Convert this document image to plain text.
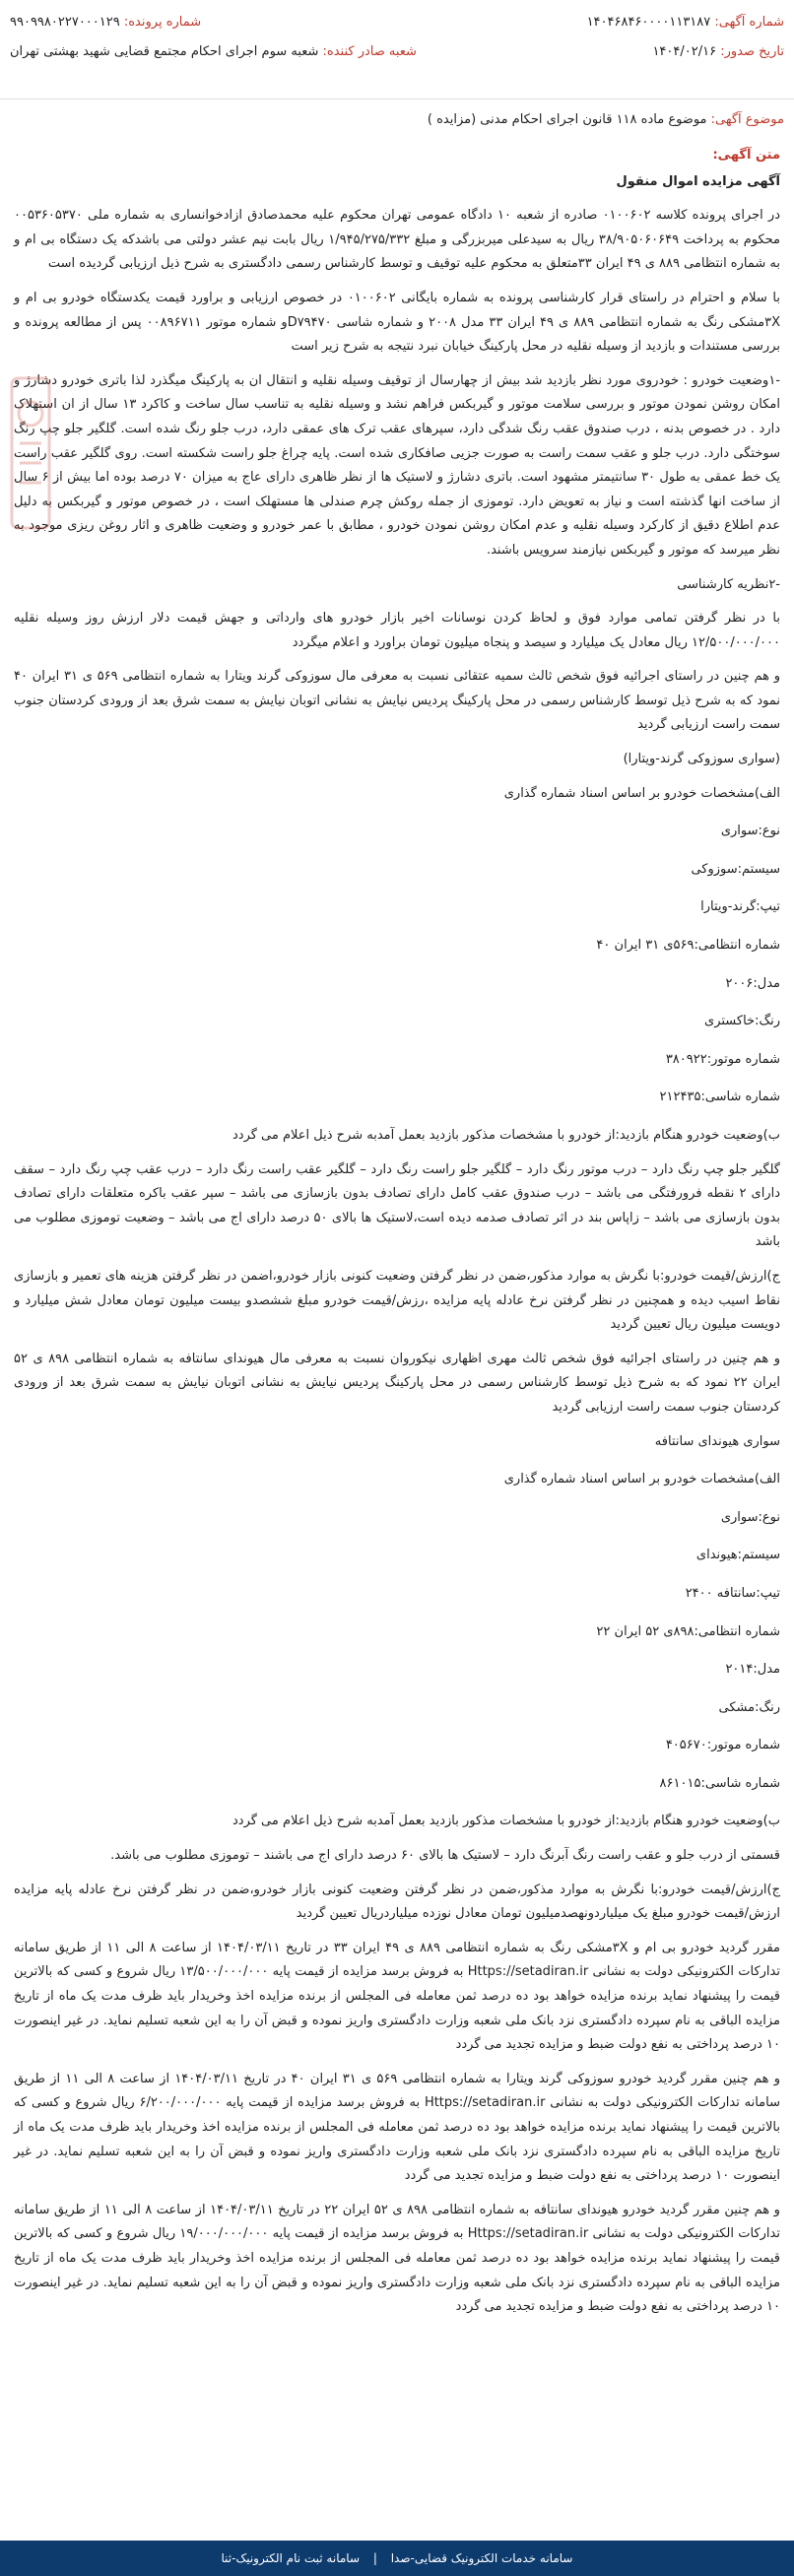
شماره آگهی: ۱۴۰۴۶۸۴۶۰۰۰۰۱۱۳۱۸۷
شماره پرونده: ۹۹۰۹۹۸۰۲۲۷۰۰۰۱۲۹
تاریخ صدور: ۱۴۰۴/۰۲/۱۶
شعبه صادر کننده: شعبه سوم اجرای احکام مجتمع قضایی شهید بهشتی تهران
موضوع آگهی: موضوع ماده ۱۱۸ قانون اجرای احکام مدنی (مزایده )

متن آگهی:

آگهی مزایده اموال منقول

در اجرای پرونده کلاسه ۰۱۰۰۶۰۲ صادره از شعبه ۱۰ دادگاه عمومی تهران محکوم علیه محمدصادق ازادخوانساری به شماره ملی ۰۰۵۳۶۰۵۳۷۰ محکوم به پرداخت ۳۸/۹۰۵۰۶۰۶۴۹ ریال به سیدعلی میربزرگی و مبلغ ۱/۹۴۵/۲۷۵/۳۳۲ ریال بابت نیم عشر دولتی می باشدکه یک دستگاه بی ام و به شماره انتظامی ۸۸۹ ی ۴۹ ایران ۳۳متعلق به محکوم علیه توقیف و توسط کارشناس رسمی دادگستری به شرح ذیل ارزیابی گردیده است

با سلام و احترام در راستای قرار کارشناسی پرونده به شماره بایگانی ۰۱۰۰۶۰۲ در خصوص ارزیابی و براورد قیمت یکدستگاه خودرو بی ام و ۳Xمشکی رنگ به شماره انتظامی ۸۸۹ ی ۴۹ ایران ۳۳ مدل ۲۰۰۸ و شماره شاسی D۷۹۴۷۰و شماره موتور ۰۰۸۹۶۷۱۱ پس از مطالعه پرونده و بررسی مستندات و بازدید از وسیله نقلیه در محل پارکینگ خیابان نبرد نتیجه به شرح زیر است

-۱وضعیت خودرو : خودروی مورد نظر بازدید شد بیش از چهارسال از توقیف وسیله نقلیه و انتقال ان به پارکینگ میگذرد لذا باتری خودرو دشارژ و امکان روشن نمودن موتور و بررسی سلامت موتور و گیربکس فراهم نشد و وسیله نقلیه به تناسب سال ساخت و کاکرد ۱۳ سال از ان استهلاک دارد . در خصوص بدنه ، درب صندوق عقب رنگ شدگی دارد، سپرهای عقب ترک های عمقی دارد، درب جلو رنگ شده است. گلگیر جلو چپ رنگ سوختگی دارد. درب جلو و عقب سمت راست به صورت جزیی صافکاری شده است. پایه چراغ جلو راست شکسته است. روی گلگیر عقب راست یک خط عمقی به طول ۳۰ سانتیمتر مشهود است. باتری دشارژ و لاستیک ها از نظر ظاهری دارای عاج به میزان ۷۰ درصد بوده اما بیش از ۶ سال از ساخت انها گذشته است و نیاز به تعویض دارد. توموزی از جمله روکش چرم صندلی ها مستهلک است ، در خصوص موتور و گیربکس به دلیل عدم اطلاع دقیق از کارکرد وسیله نقلیه و عدم امکان روشن نمودن خودرو ، مطابق با عمر خودرو و وضعیت ظاهری و اثار روغن ریزی موجود به نظر میرسد که موتور و گیربکس نیازمند سرویس باشند.

-۲نظریه کارشناسی

با در نظر گرفتن تمامی موارد فوق و لحاظ کردن نوسانات اخیر بازار خودرو های وارداتی و جهش قیمت دلار ارزش روز وسیله نقلیه ۱۲/۵۰۰/۰۰۰/۰۰۰ ریال معادل یک میلیارد و سیصد و پنجاه میلیون تومان براورد و اعلام میگردد

و هم چنین در راستای اجرائیه فوق شخص ثالث سمیه عتقائی نسبت به معرفی مال سوزوکی گرند ویتارا به شماره انتظامی ۵۶۹ ی ۳۱ ایران ۴۰ نمود که به شرح ذیل توسط کارشناس رسمی در محل پارکینگ پردیس نیایش به نشانی اتوبان نیایش به سمت شرق بعد از ورودی کردستان جنوب سمت راست ارزیابی گردید

(سواری سوزوکی گرند-ویتارا)

الف)مشخصات خودرو بر اساس اسناد شماره گذاری

نوع:سواری

سیستم:سوزوکی

تیپ:گرند-ویتارا

شماره انتظامی:۵۶۹ی ۳۱ ایران ۴۰

مدل:۲۰۰۶

رنگ:خاکستری

شماره موتور:۳۸۰۹۲۲

شماره شاسی:۲۱۲۴۳۵

ب)وضعیت خودرو هنگام بازدید:از خودرو با مشخصات مذکور بازدید بعمل آمدبه شرح ذیل اعلام می گردد

گلگیر جلو چپ رنگ دارد – درب موتور رنگ دارد – گلگیر جلو راست رنگ دارد – گلگیر عقب راست رنگ دارد – درب عقب چپ رنگ دارد – سقف دارای ۲ نقطه فرورفتگی می باشد – درب صندوق عقب کامل دارای تصادف بدون بازسازی می باشد – سپر عقب باکره متعلقات دارای تصادف بدون بازسازی می باشد – زاپاس بند در اثر تصادف صدمه دیده است،لاستیک ها بالای ۵۰ درصد دارای اج می باشد – وضعیت توموزی مطلوب می باشد

ج)ارزش/قیمت خودرو:با نگرش به موارد مذکور،ضمن در نظر گرفتن وضعیت کنونی بازار خودرو،اضمن در نظر گرفتن هزینه های تعمیر و بازسازی نقاط اسیب دیده و همچنین در نظر گرفتن نرخ عادله پایه مزایده ،رزش/قیمت خودرو مبلغ ششصدو بیست میلیون تومان معادل شش میلیارد و دویست میلیون ریال تعیین گردید

و هم چنین در راستای اجرائیه فوق شخص ثالث مهری اظهاری نیکوروان نسبت به معرفی مال هیوندای سانتافه به شماره انتظامی ۸۹۸ ی ۵۲ ایران ۲۲ نمود که به شرح ذیل توسط کارشناس رسمی در محل پارکینگ پردیس نیایش به نشانی اتوبان نیایش به سمت شرق بعد از ورودی کردستان جنوب سمت راست ارزیابی گردید

سواری هیوندای سانتافه

الف)مشخصات خودرو بر اساس اسناد شماره گذاری

نوع:سواری

سیستم:هیوندای

تیپ:سانتافه ۲۴۰۰

شماره انتظامی:۸۹۸ی ۵۲ ایران ۲۲

مدل:۲۰۱۴

رنگ:مشکی

شماره موتور:۴۰۵۶۷۰

شماره شاسی:۸۶۱۰۱۵

ب)وضعیت خودرو هنگام بازدید:از خودرو با مشخصات مذکور بازدید بعمل آمدبه شرح ذیل اعلام می گردد

قسمتی از درب جلو و عقب راست رنگ آبرنگ دارد – لاستیک ها بالای ۶۰ درصد دارای اج می باشند – توموزی مطلوب می باشد.

ج)ارزش/قیمت خودرو:با نگرش به موارد مذکور،ضمن در نظر گرفتن وضعیت کنونی بازار خودرو،ضمن در نظر گرفتن نرخ عادله پایه مزایده ارزش/قیمت خودرو مبلغ یک میلیاردونهصدمیلیون تومان معادل نوزده میلیاردریال تعیین گردید

مقرر گردید خودرو بی ام و ۳Xمشکی رنگ به شماره انتظامی ۸۸۹ ی ۴۹ ایران ۳۳ در تاریخ ۱۴۰۴/۰۳/۱۱ از ساعت ۸ الی ۱۱ از طریق سامانه تدارکات الکترونیکی دولت به نشانی Https://setadiran.ir به فروش برسد مزایده از قیمت پایه ۱۳/۵۰۰/۰۰۰/۰۰۰ ریال شروع و کسی که بالاترین قیمت را پیشنهاد نماید برنده مزایده خواهد بود ده درصد ثمن معامله فی المجلس از برنده مزایده اخذ وخریدار باید ظرف مدت یک ماه از تاریخ مزایده الباقی به نام سپرده دادگستری نزد بانک ملی شعبه وزارت دادگستری واریز نموده و قبض آن را به این شعبه تسلیم نماید. در غیر اینصورت ۱۰ درصد پرداختی به نفع دولت ضبط و مزایده تجدید می گردد

و هم چنین مقرر گردید خودرو سوزوکی گرند ویتارا به شماره انتظامی ۵۶۹ ی ۳۱ ایران ۴۰ در تاریخ ۱۴۰۴/۰۳/۱۱ از ساعت ۸ الی ۱۱ از طریق سامانه تدارکات الکترونیکی دولت به نشانی Https://setadiran.ir به فروش برسد مزایده از قیمت پایه ۶/۲۰۰/۰۰۰/۰۰۰ ریال شروع و کسی که بالاترین قیمت را پیشنهاد نماید برنده مزایده خواهد بود ده درصد ثمن معامله فی المجلس از برنده مزایده اخذ وخریدار باید ظرف مدت یک ماه از تاریخ مزایده الباقی به نام سپرده دادگستری نزد بانک ملی شعبه وزارت دادگستری واریز نموده و قبض آن را به این شعبه تسلیم نماید. در غیر اینصورت ۱۰ درصد پرداختی به نفع دولت ضبط و مزایده تجدید می گردد

و هم چنین مقرر گردید خودرو هیوندای سانتافه به شماره انتظامی ۸۹۸ ی ۵۲ ایران ۲۲ در تاریخ ۱۴۰۴/۰۳/۱۱ از ساعت ۸ الی ۱۱ از طریق سامانه تدارکات الکترونیکی دولت به نشانی Https://setadiran.ir به فروش برسد مزایده از قیمت پایه ۱۹/۰۰۰/۰۰۰/۰۰۰ ریال شروع و کسی که بالاترین قیمت را پیشنهاد نماید برنده مزایده خواهد بود ده درصد ثمن معامله فی المجلس از برنده مزایده اخذ وخریدار باید ظرف مدت یک ماه از تاریخ مزایده الباقی به نام سپرده دادگستری نزد بانک ملی شعبه وزارت دادگستری واریز نموده و قبض آن را به این شعبه تسلیم نماید. در غیر اینصورت ۱۰ درصد پرداختی به نفع دولت ضبط و مزایده تجدید می گردد

سامانه خدمات الکترونیک قضایی-صدا | سامانه ثبت نام الکترونیک-ثنا
